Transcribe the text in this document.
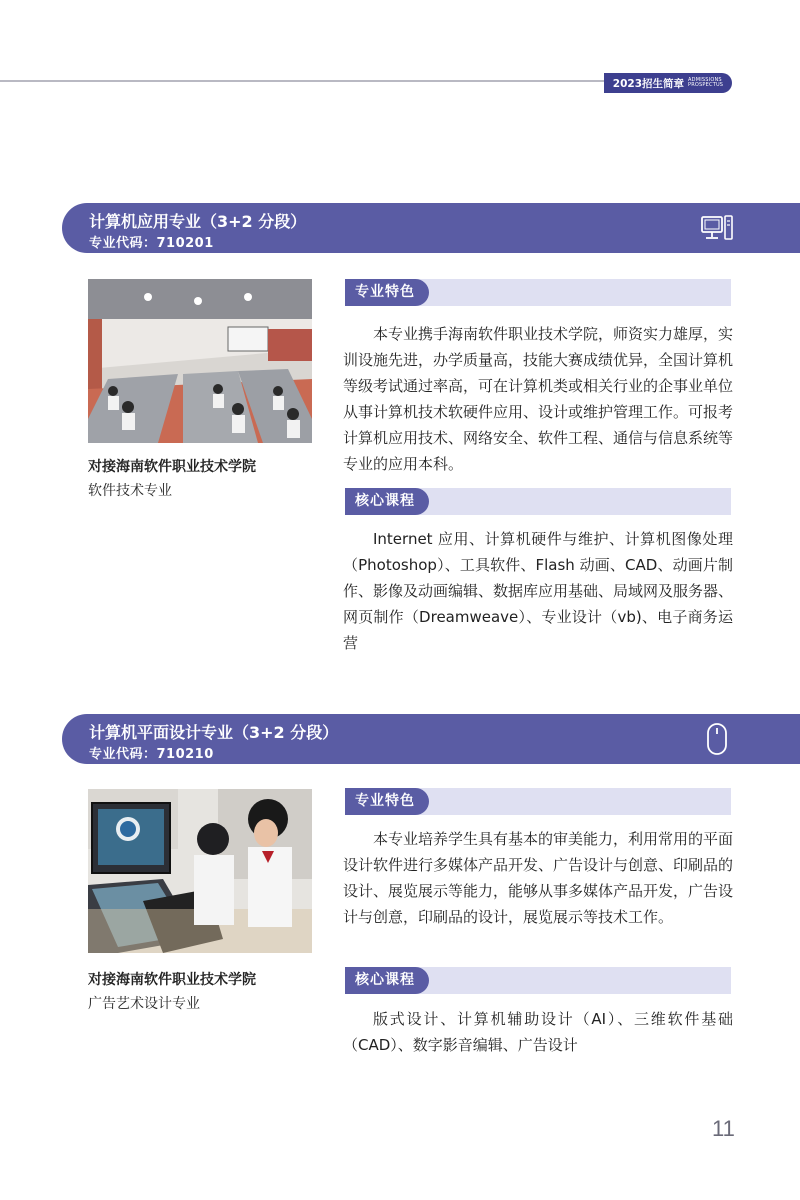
2023招生简章 ADMISSIONS
PROSPECTUS
计算机应用专业（3+2 分段）
专业代码：710201
对接海南软件职业技术学院
软件技术专业
专业特色
本专业携手海南软件职业技术学院，师资实力雄厚，实训设施先进，办学质量高，技能大赛成绩优异，全国计算机等级考试通过率高，可在计算机类或相关行业的企事业单位从事计算机技术软硬件应用、设计或维护管理工作。可报考计算机应用技术、网络安全、软件工程、通信与信息系统等专业的应用本科。
核心课程
Internet 应用、计算机硬件与维护、计算机图像处理（Photoshop）、工具软件、Flash 动画、CAD、动画片制作、影像及动画编辑、数据库应用基础、局域网及服务器、网页制作（Dreamweave）、专业设计（vb)、电子商务运营
计算机平面设计专业（3+2 分段）
专业代码：710210
对接海南软件职业技术学院
广告艺术设计专业
专业特色
本专业培养学生具有基本的审美能力，利用常用的平面设计软件进行多媒体产品开发、广告设计与创意、印刷品的设计、展览展示等能力，能够从事多媒体产品开发，广告设计与创意，印刷品的设计，展览展示等技术工作。
核心课程
版式设计、计算机辅助设计（AI）、三维软件基础（CAD）、数字影音编辑、广告设计
11
